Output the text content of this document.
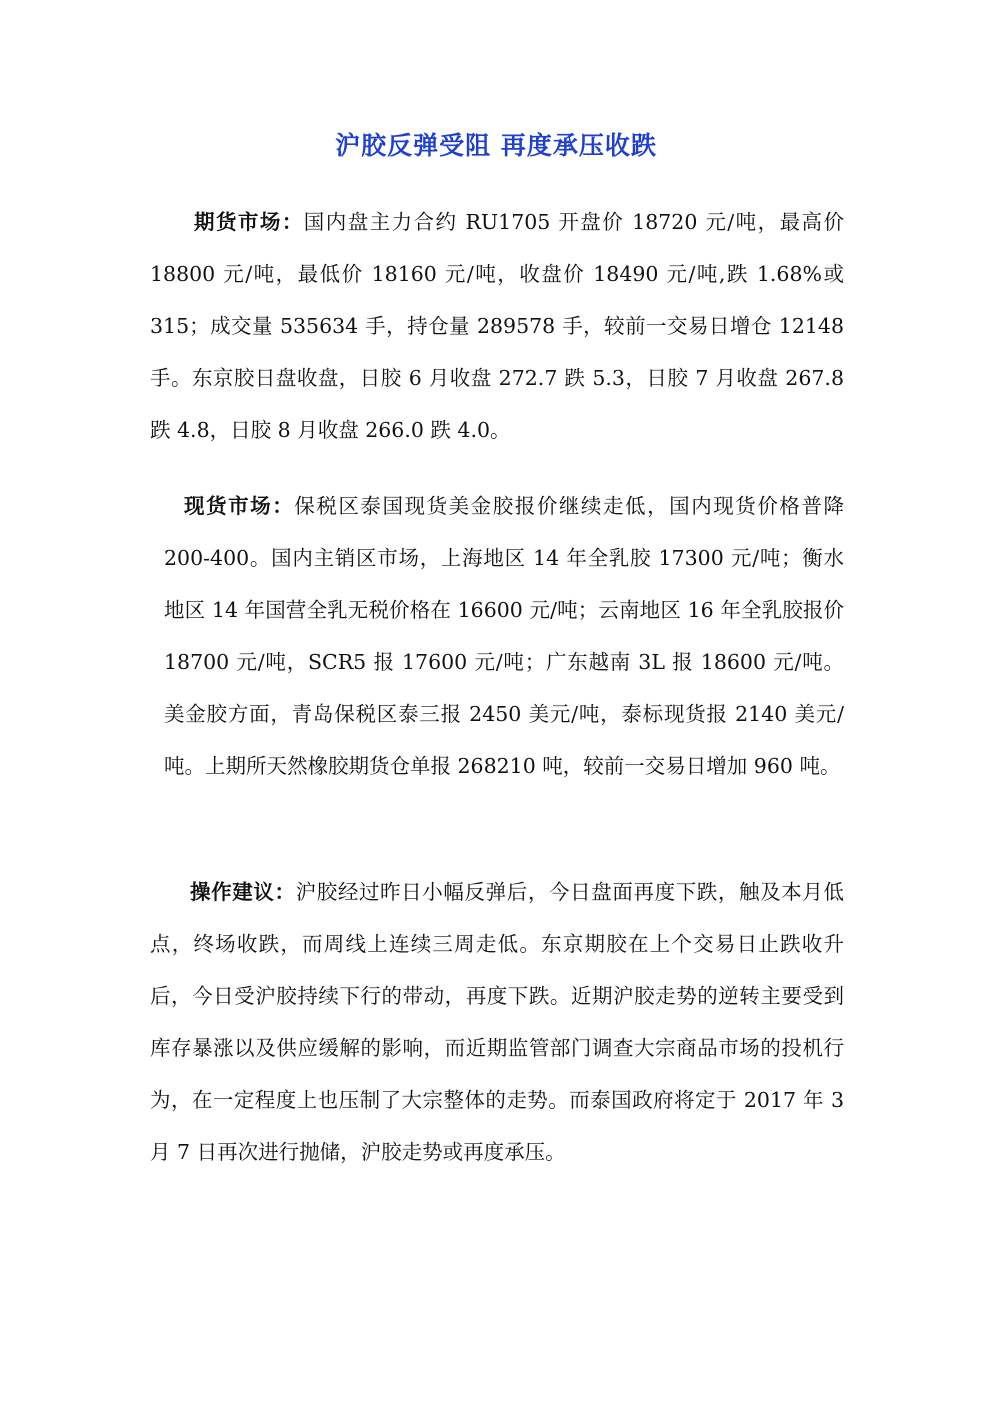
沪胶反弹受阻 再度承压收跌

期货市场：国内盘主力合约 RU1705 开盘价 18720 元/吨，最高价 18800 元/吨，最低价 18160 元/吨，收盘价 18490 元/吨,跌 1.68%或 315；成交量 535634 手，持仓量 289578 手，较前一交易日增仓 12148 手。东京胶日盘收盘，日胶 6 月收盘 272.7 跌 5.3，日胶 7 月收盘 267.8 跌 4.8，日胶 8 月收盘 266.0 跌 4.0。

现货市场：保税区泰国现货美金胶报价继续走低，国内现货价格普降 200-400。国内主销区市场，上海地区 14 年全乳胶 17300 元/吨；衡水地区 14 年国营全乳无税价格在 16600 元/吨；云南地区 16 年全乳胶报价 18700 元/吨，SCR5 报 17600 元/吨；广东越南 3L 报 18600 元/吨。美金胶方面，青岛保税区泰三报 2450 美元/吨，泰标现货报 2140 美元/吨。上期所天然橡胶期货仓单报 268210 吨，较前一交易日增加 960 吨。

操作建议：沪胶经过昨日小幅反弹后，今日盘面再度下跌，触及本月低点，终场收跌，而周线上连续三周走低。东京期胶在上个交易日止跌收升后，今日受沪胶持续下行的带动，再度下跌。近期沪胶走势的逆转主要受到库存暴涨以及供应缓解的影响，而近期监管部门调查大宗商品市场的投机行为，在一定程度上也压制了大宗整体的走势。而泰国政府将定于 2017 年 3 月 7 日再次进行抛储，沪胶走势或再度承压。
